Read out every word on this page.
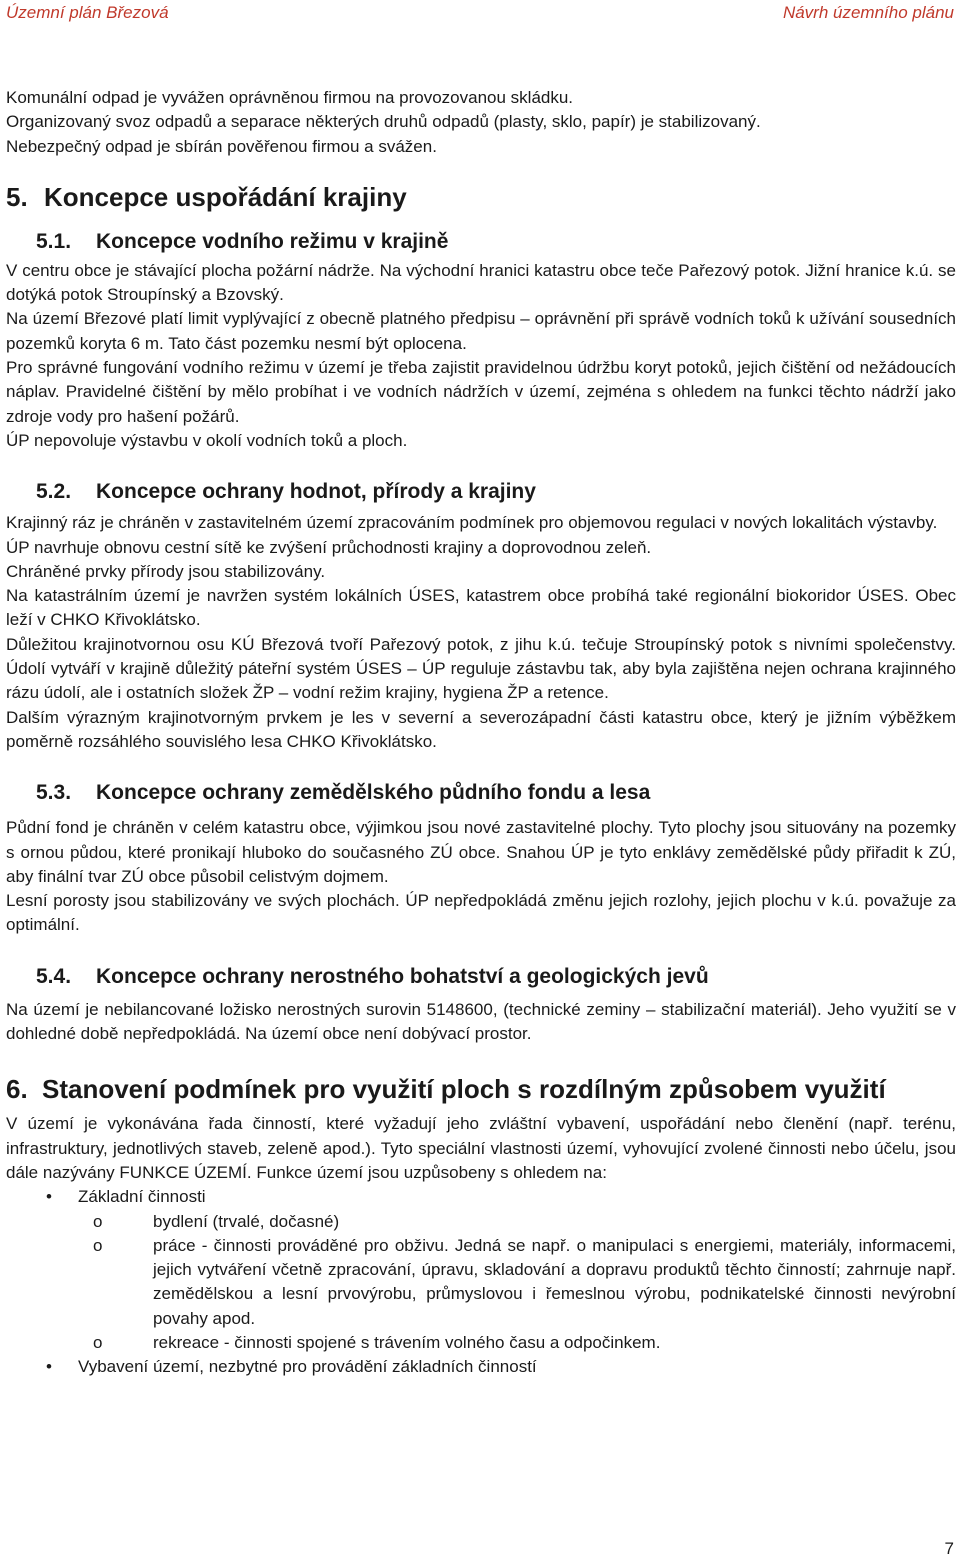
Územní plán Březová	Návrh územního plánu

Komunální odpad je vyvážen oprávněnou firmou na provozovanou skládku.

Organizovaný svoz odpadů a separace některých druhů odpadů (plasty, sklo, papír) je stabilizovaný.

Nebezpečný odpad je sbírán pověřenou firmou a svážen.

5. Koncepce uspořádání krajiny
5.1. Koncepce vodního režimu v krajině

V centru obce je stávající plocha požární nádrže. Na východní hranici katastru obce teče Pařezový potok. Jižní hranice k.ú. se dotýká potok Stroupínský a Bzovský.

Na území Březové platí limit vyplývající z obecně platného předpisu – oprávnění při správě vodních toků k užívání sousedních pozemků koryta 6 m. Tato část pozemku nesmí být oplocena.

Pro správné fungování vodního režimu v území je třeba zajistit pravidelnou údržbu koryt potoků, jejich čištění od nežádoucích náplav. Pravidelné čištění by mělo probíhat i ve vodních nádržích v území, zejména s ohledem na funkci těchto nádrží jako zdroje vody pro hašení požárů.

ÚP nepovoluje výstavbu v okolí vodních toků a ploch.

5.2. Koncepce ochrany hodnot, přírody a krajiny

Krajinný ráz je chráněn v zastavitelném území zpracováním podmínek pro objemovou regulaci v nových lokalitách výstavby.

ÚP navrhuje obnovu cestní sítě ke zvýšení průchodnosti krajiny a doprovodnou zeleň.

Chráněné prvky přírody jsou stabilizovány.

Na katastrálním území je navržen systém lokálních ÚSES, katastrem obce probíhá také regionální biokoridor ÚSES. Obec leží v CHKO Křivoklátsko.

Důležitou krajinotvornou osu KÚ Březová tvoří Pařezový potok, z jihu k.ú. tečuje Stroupínský potok s nivními společenstvy. Údolí vytváří v krajině důležitý páteřní systém ÚSES – ÚP reguluje zástavbu tak, aby byla zajištěna nejen ochrana krajinného rázu údolí, ale i ostatních složek ŽP – vodní režim krajiny, hygiena ŽP a retence.

Dalším výrazným krajinotvorným prvkem je les v severní a severozápadní části katastru obce, který je jižním výběžkem poměrně rozsáhlého souvislého lesa CHKO Křivoklátsko.

5.3. Koncepce ochrany zemědělského půdního fondu a lesa

Půdní fond je chráněn v celém katastru obce, výjimkou jsou nové zastavitelné plochy. Tyto plochy jsou situovány na pozemky s ornou půdou, které pronikají hluboko do současného ZÚ obce. Snahou ÚP je tyto enklávy zemědělské půdy přiřadit k ZÚ, aby finální tvar ZÚ obce působil celistvým dojmem.

Lesní porosty jsou stabilizovány ve svých plochách. ÚP nepředpokládá změnu jejich rozlohy, jejich plochu v k.ú. považuje za optimální.

5.4. Koncepce ochrany nerostného bohatství a geologických jevů

Na území je nebilancované ložisko nerostných surovin 5148600, (technické zeminy – stabilizační materiál). Jeho využití se v dohledné době nepředpokládá. Na území obce není dobývací prostor.

6. Stanovení podmínek pro využití ploch s rozdílným způsobem využití

V území je vykonávána řada činností, které vyžadují jeho zvláštní vybavení, uspořádání nebo členění (např. terénu, infrastruktury, jednotlivých staveb, zeleně apod.). Tyto speciální vlastnosti území, vyhovující zvolené činnosti nebo účelu, jsou dále nazývány FUNKCE ÚZEMÍ. Funkce území jsou uzpůsobeny s ohledem na:

• Základní činnosti
o	bydlení (trvalé, dočasné)
o	práce - činnosti prováděné pro obživu. Jedná se např. o manipulaci s energiemi, materiály, informacemi, jejich vytváření včetně zpracování, úpravu, skladování a dopravu produktů těchto činností; zahrnuje např. zemědělskou a lesní prvovýrobu, průmyslovou i řemeslnou výrobu, podnikatelské činnosti nevýrobní povahy apod.
o	rekreace - činnosti spojené s trávením volného času a odpočinkem.
• Vybavení území, nezbytné pro provádění základních činností
7
